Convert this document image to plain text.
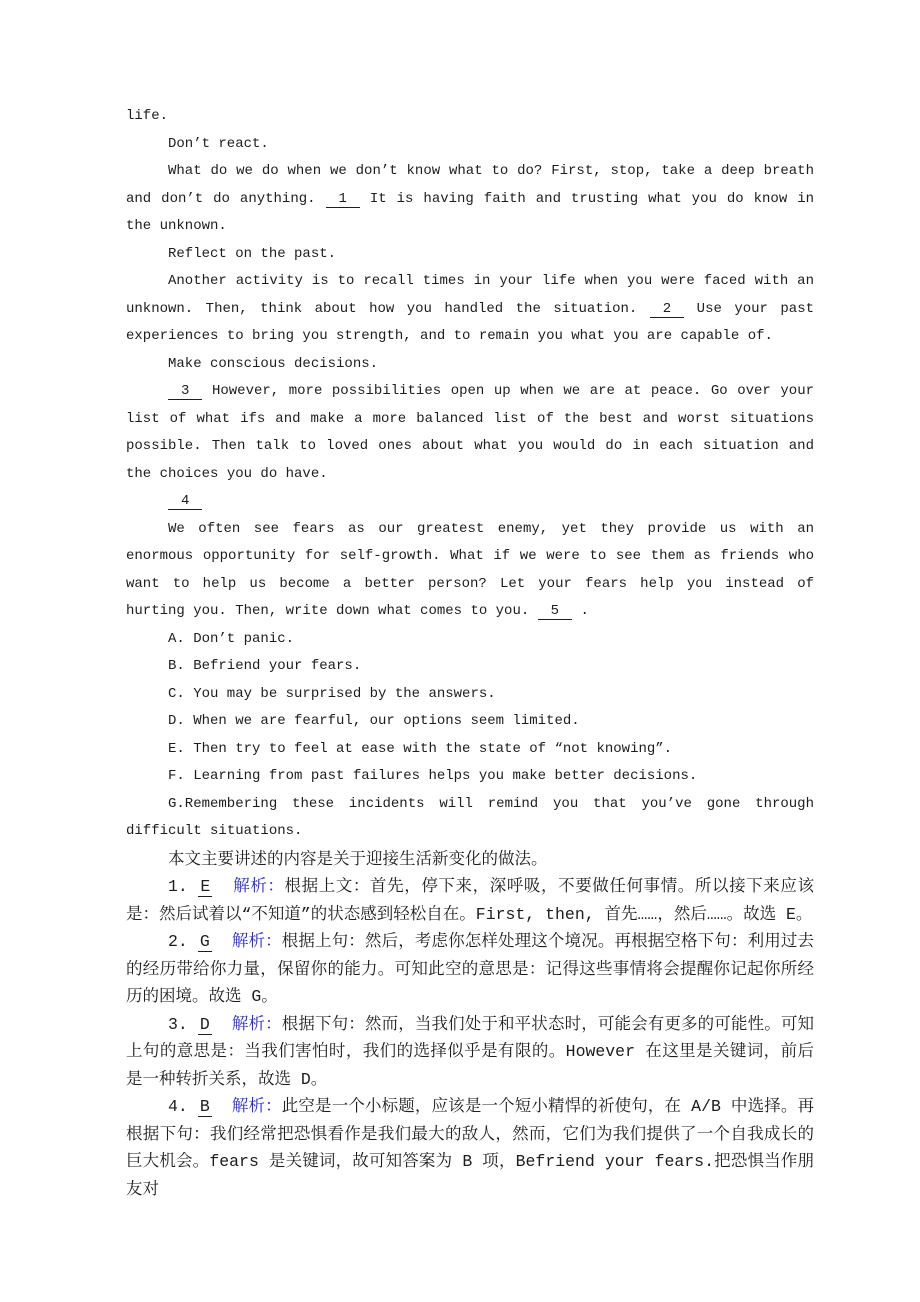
life.

Don’t react.

What do we do when we don’t know what to do? First, stop, take a deep breath and don’t do anything. 1 It is having faith and trusting what you do know in the unknown.

Reflect on the past.

Another activity is to recall times in your life when you were faced with an unknown. Then, think about how you handled the situation. 2 Use your past experiences to bring you strength, and to remain you what you are capable of.

Make conscious decisions.

3 However, more possibilities open up when we are at peace. Go over your list of what ifs and make a more balanced list of the best and worst situations possible. Then talk to loved ones about what you would do in each situation and the choices you do have.

4

We often see fears as our greatest enemy, yet they provide us with an enormous opportunity for self-growth. What if we were to see them as friends who want to help us become a better person? Let your fears help you instead of hurting you. Then, write down what comes to you. 5 .

A. Don’t panic.

B. Befriend your fears.

C. You may be surprised by the answers.

D. When we are fearful, our options seem limited.

E. Then try to feel at ease with the state of “not knowing”.

F. Learning from past failures helps you make better decisions.

G.Remembering these incidents will remind you that you’ve gone through difficult situations.

本文主要讲述的内容是关于迎接生活新变化的做法。

1. E 解析：根据上文：首先，停下来，深呼吸，不要做任何事情。所以接下来应该是：然后试着以“不知道”的状态感到轻松自在。First, then, 首先……，然后……。故选 E。

2. G 解析：根据上句：然后，考虑你怎样处理这个境况。再根据空格下句：利用过去的经历带给你力量，保留你的能力。可知此空的意思是：记得这些事情将会提醒你记起你所经历的困境。故选 G。

3. D 解析：根据下句：然而，当我们处于和平状态时，可能会有更多的可能性。可知上句的意思是：当我们害怕时，我们的选择似乎是有限的。However 在这里是关键词，前后是一种转折关系，故选 D。

4. B 解析：此空是一个小标题，应该是一个短小精悍的祈使句，在 A/B 中选择。再根据下句：我们经常把恐惧看作是我们最大的敌人，然而，它们为我们提供了一个自我成长的巨大机会。fears 是关键词，故可知答案为 B 项，Befriend your fears.把恐惧当作朋友对
